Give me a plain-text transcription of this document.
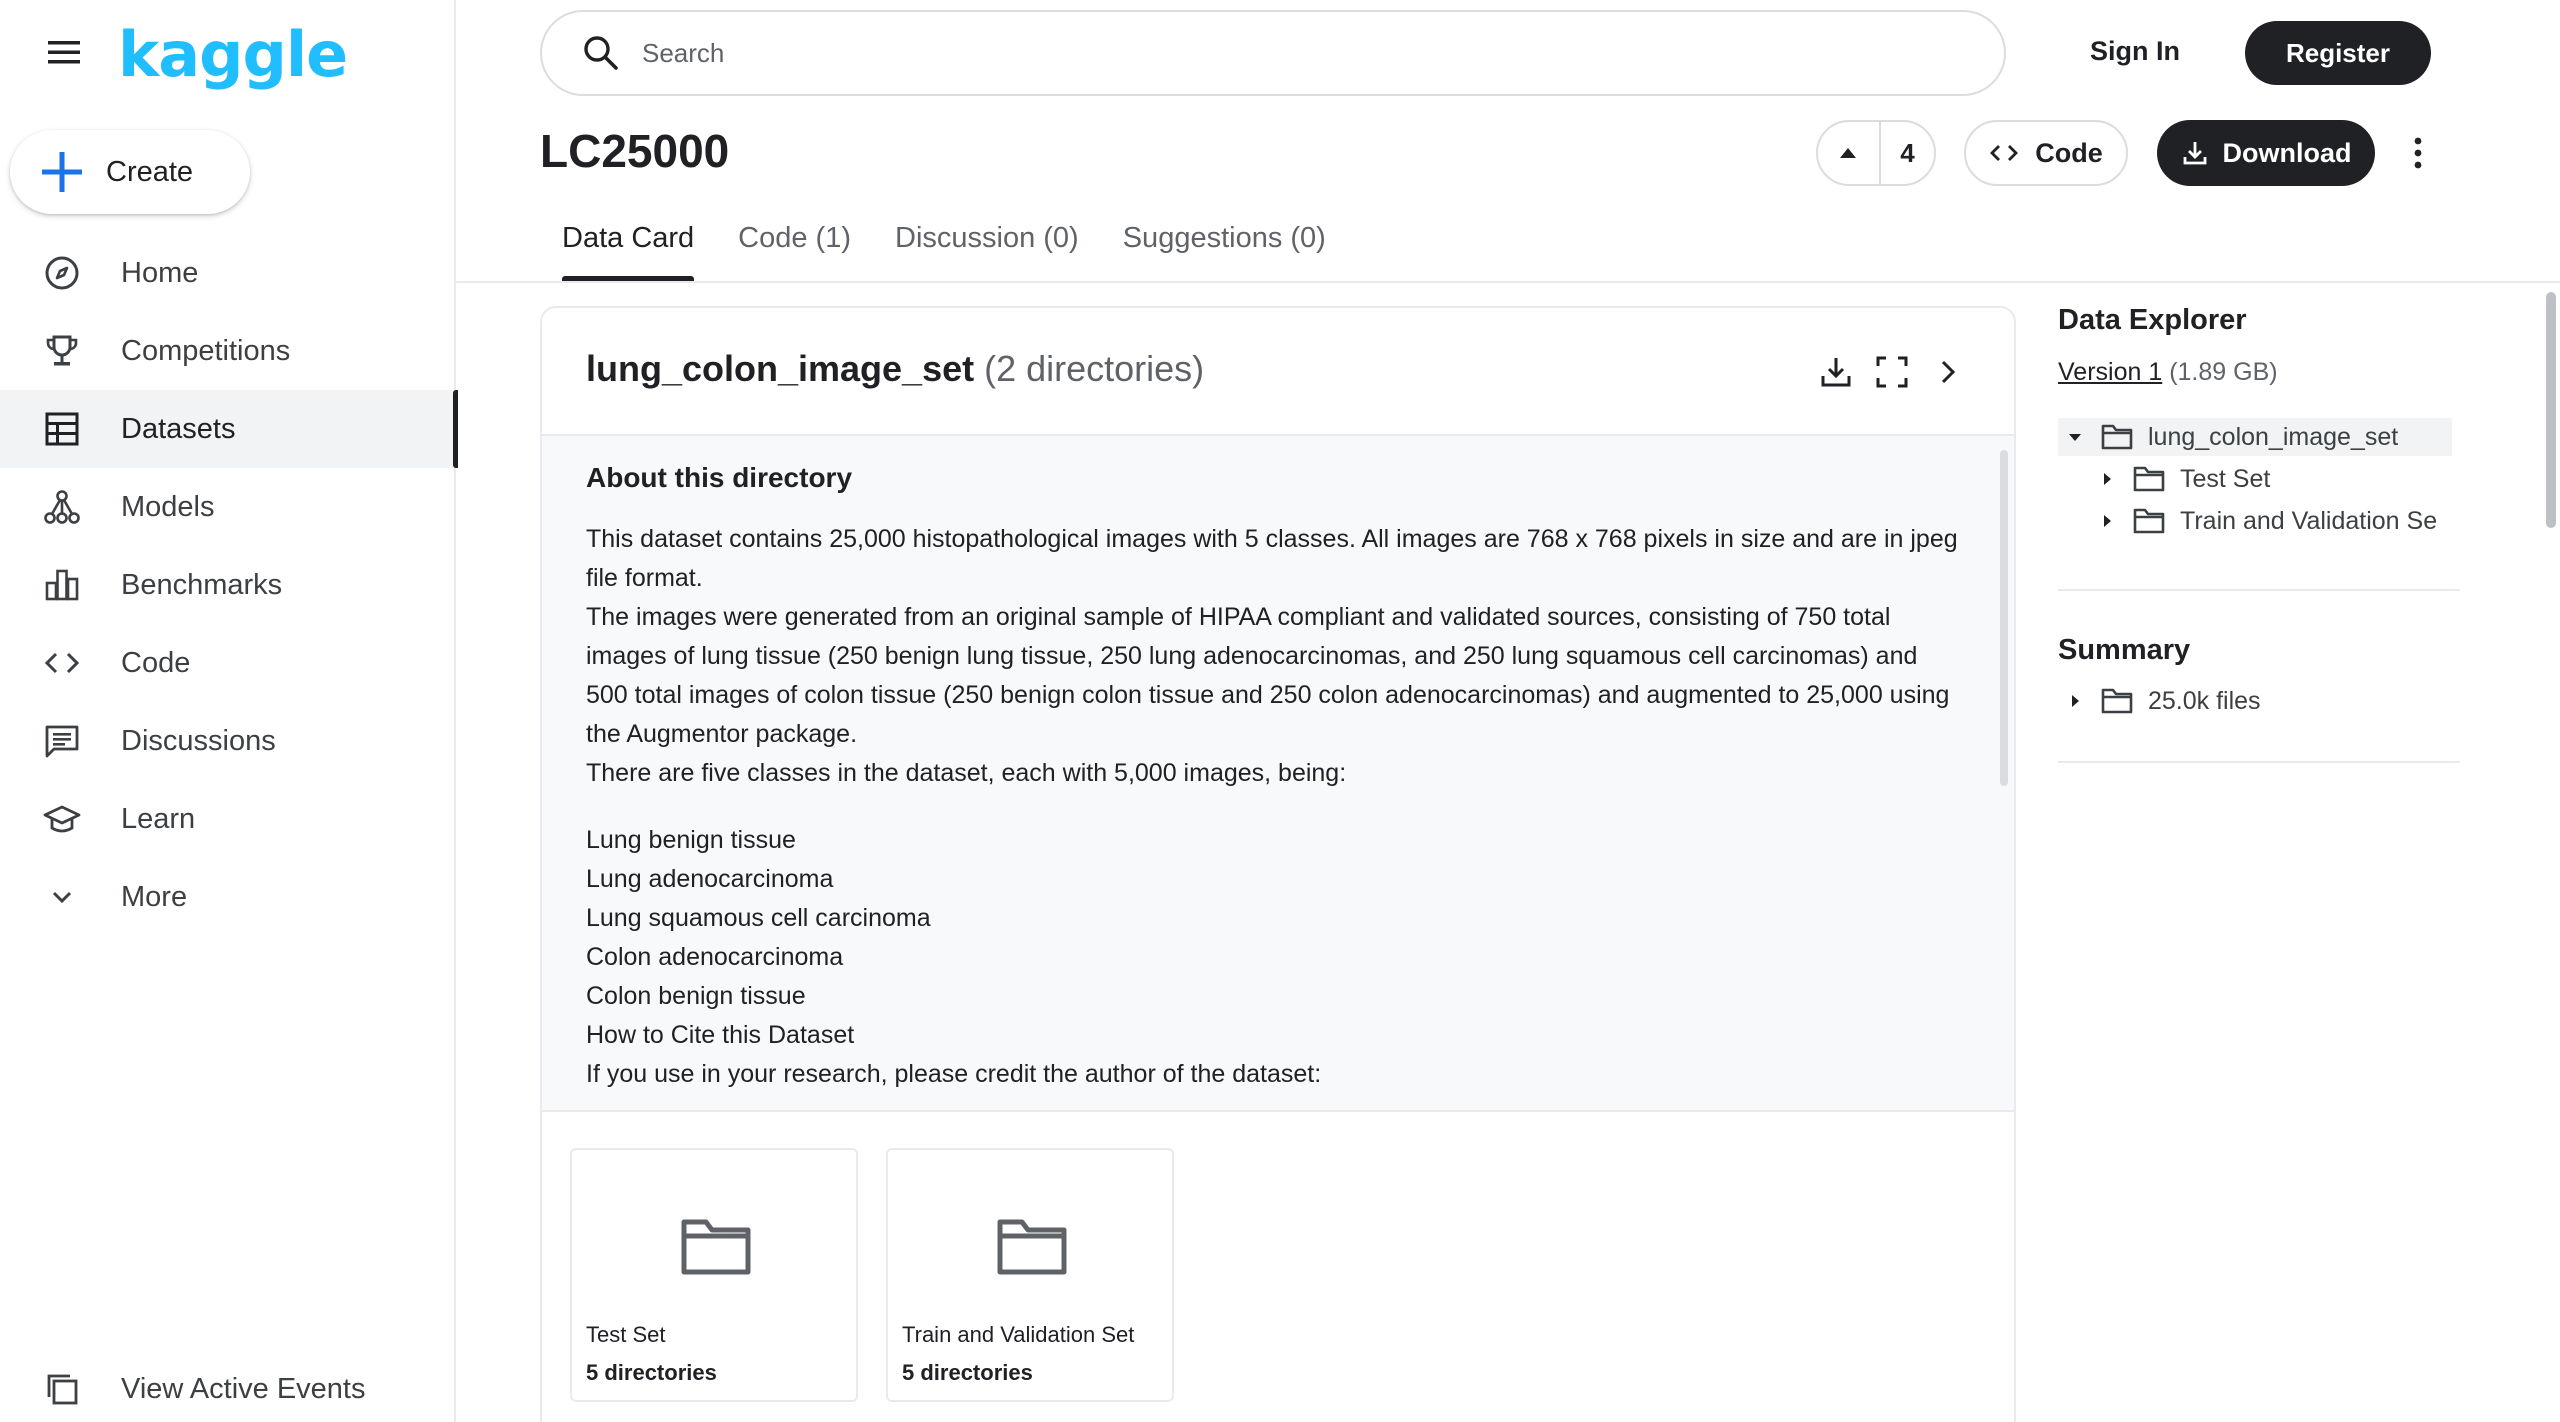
kaggle
Create
Home
Competitions
Datasets
Models
Benchmarks
Code
Discussions
Learn
More
View Active Events
Search
Sign In	Register
LC25000	4	Code	Download
Data Card	Code (1)	Discussion (0)	Suggestions (0)
lung_colon_image_set (2 directories)
About this directory

This dataset contains 25,000 histopathological images with 5 classes. All images are 768 x 768 pixels in size and are in jpeg file format.

The images were generated from an original sample of HIPAA compliant and validated sources, consisting of 750 total images of lung tissue (250 benign lung tissue, 250 lung adenocarcinomas, and 250 lung squamous cell carcinomas) and 500 total images of colon tissue (250 benign colon tissue and 250 colon adenocarcinomas) and augmented to 25,000 using the Augmentor package.

There are five classes in the dataset, each with 5,000 images, being:

Lung benign tissue

Lung adenocarcinoma

Lung squamous cell carcinoma

Colon adenocarcinoma

Colon benign tissue

How to Cite this Dataset

If you use in your research, please credit the author of the dataset:

Test Set
5 directories
Train and Validation Set
5 directories
Data Explorer
Version 1 (1.89 GB)
lung_colon_image_set
Test Set
Train and Validation Se
Summary
25.0k files
